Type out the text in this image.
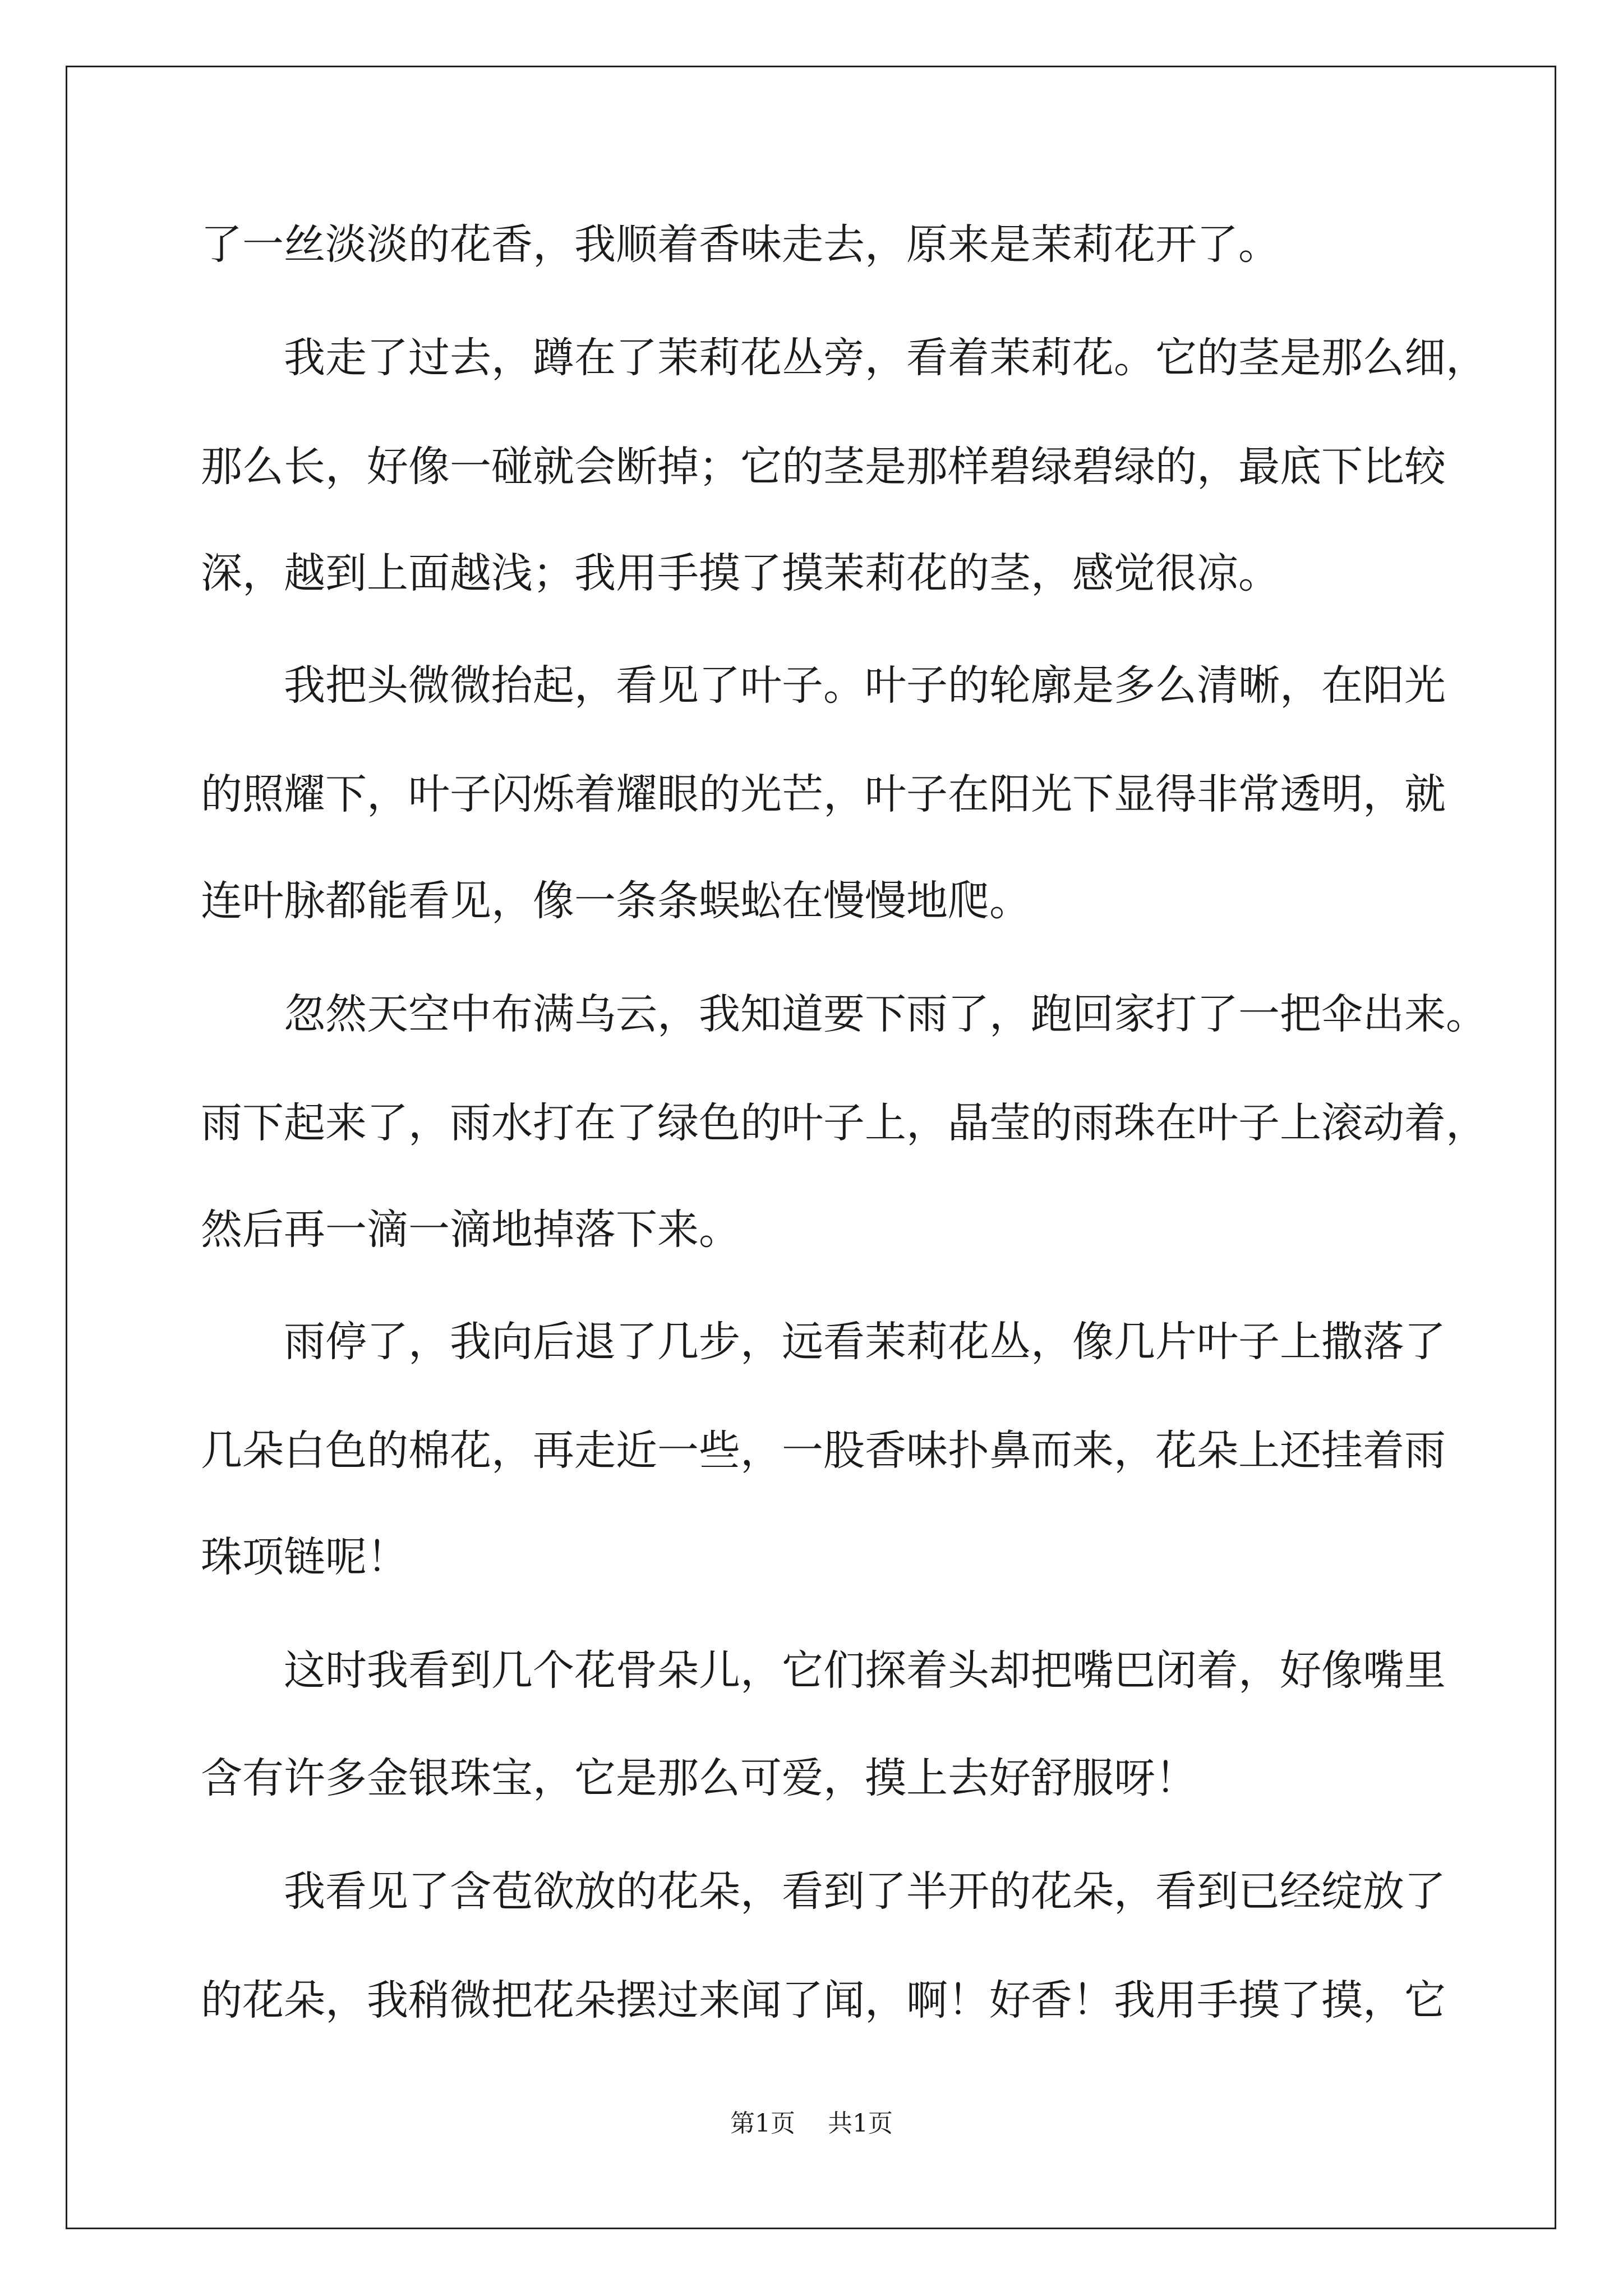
了一丝淡淡的花香，我顺着香味走去，原来是茉莉花开了。
　　我走了过去，蹲在了茉莉花丛旁，看着茉莉花。它的茎是那么细，
那么长，好像一碰就会断掉；它的茎是那样碧绿碧绿的，最底下比较
深，越到上面越浅；我用手摸了摸茉莉花的茎，感觉很凉。
　　我把头微微抬起，看见了叶子。叶子的轮廓是多么清晰，在阳光
的照耀下，叶子闪烁着耀眼的光芒，叶子在阳光下显得非常透明，就
连叶脉都能看见，像一条条蜈蚣在慢慢地爬。
　　忽然天空中布满乌云，我知道要下雨了，跑回家打了一把伞出来。
雨下起来了，雨水打在了绿色的叶子上，晶莹的雨珠在叶子上滚动着，
然后再一滴一滴地掉落下来。
　　雨停了，我向后退了几步，远看茉莉花丛，像几片叶子上撒落了
几朵白色的棉花，再走近一些，一股香味扑鼻而来，花朵上还挂着雨
珠项链呢！
　　这时我看到几个花骨朵儿，它们探着头却把嘴巴闭着，好像嘴里
含有许多金银珠宝，它是那么可爱，摸上去好舒服呀！
　　我看见了含苞欲放的花朵，看到了半开的花朵，看到已经绽放了
的花朵，我稍微把花朵摆过来闻了闻，啊！好香！我用手摸了摸，它
第1页　 共1页
